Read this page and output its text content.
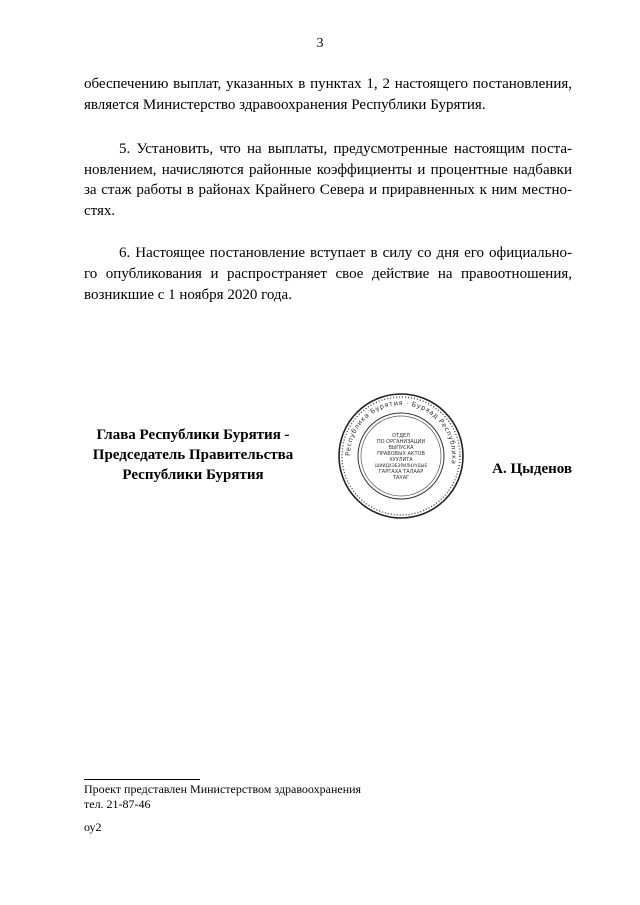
3
обеспечению выплат, указанных в пунктах 1, 2 настоящего постановления,
является Министерство здравоохранения Республики Бурятия.
5. Установить, что на выплаты, предусмотренные настоящим поста-
новлением, начисляются районные коэффициенты и процентные надбавки
за стаж работы в районах Крайнего Севера и приравненных к ним местно-
стях.
6. Настоящее постановление вступает в силу со дня его официально-
го опубликования и распространяет свое действие на правоотношения,
возникшие с 1 ноября 2020 года.
Глава Республики Бурятия -
Председатель Правительства
Республики Бурятия
Республика Бурятия · Буряад Республика
ОТДЕЛ
ПО ОРГАНИЗАЦИИ
ВЫПУСКА
ПРАВОВЫХ АКТОВ
ХУУЛИТА
ШИИДХЭБЭРИЛНУУДЫЕ
ГАРГАХА ТАЛААР
ТАХАГ
А. Цыденов
Проект представлен Министерством здравоохранения
тел. 21-87-46
оу2
